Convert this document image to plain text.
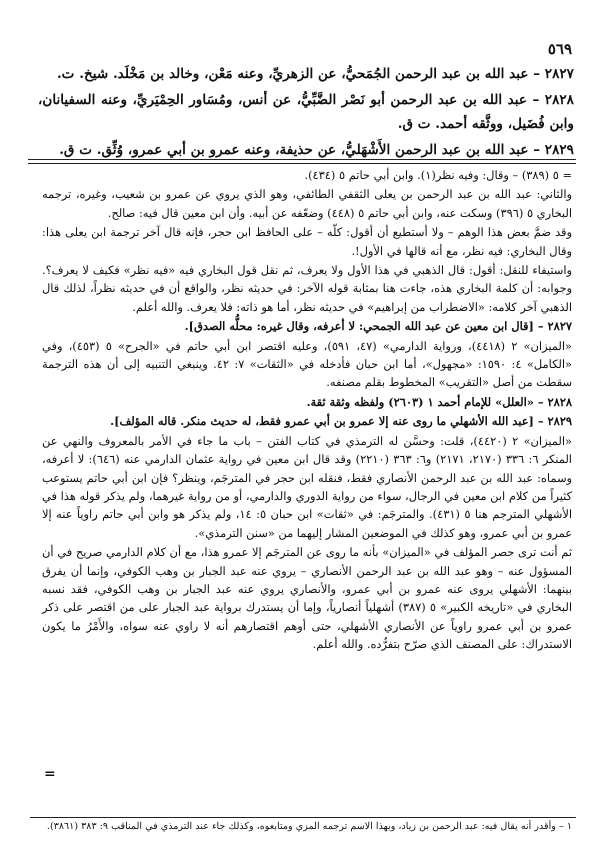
٥٦٩

٢٨٢٧ – عبد الله بن عبد الرحمن الجُمَحيُّ، عن الزهريِّ، وعنه مَعْن، وخالد بن مَخْلَد. شيخ. ت.

٢٨٢٨ – عبد الله بن عبد الرحمن أبو نَصْر الضَّبِّيُّ، عن أنس، ومُسَاور الحِمْيَريِّ، وعنه السفيانان، وابن فُضَيل، ووثَّقه أحمد. ت ق.

٢٨٢٩ – عبد الله بن عبد الرحمن الأَشْهَليُّ، عن حذيفة، وعنه عمرو بن أبي عمرو، وُثِّق. ت ق.

= ٥ (٣٨٩) – وقال: وفيه نظر(١). وابن أبي حاتم ٥ (٤٣٤).

والثاني: عبد الله بن عبد الرحمن بن يعلى الثقفي الطائفي، وهو الذي يروي عن عمرو بن شعيب، وغيره، ترجمه البخاري ٥ (٣٩٦) وسكت عنه، وابن أبي حاتم ٥ (٤٤٨) وضعّفه عن أبيه. وأن ابن معين قال فيه: صالح.

وقد ضمَّ بعض هذا الوهم – ولا أستطيع أن أقول: كلّه – على الحافظ ابن حجر، فإنه قال آخر ترجمة ابن يعلى هذا: وقال البخاري: فيه نظر، مع أنه قالها في الأول!.

واستيفاء للنقل: أقول: قال الذهبي في هذا الأول ولا يعرف، ثم نقل قول البخاري فيه «فيه نظر» فكيف لا يعرف؟. وجوابه: أن كلمة البخاري هذه، جاءت هنا بمثابة قوله الآخر: في حديثه نظر، والواقع أن في حديثه نظراً، لذلك قال الذهبي آخر كلامه: «الاضطراب من إبراهيم» في حديثه نظر، أما هو ذاته: فلا يعرف. والله أعلم.

٢٨٢٧ – [قال ابن معين عن عبد الله الجمحي: لا أعرفه، وقال غيره: محلُّه الصدق].

«الميزان» ٢ (٤٤١٨)، ورواية الدارمي» (٤٧، ٥٩١)، وعليه اقتصر ابن أبي حاتم في «الجرح» ٥ (٤٥٣)، وفي «الكامل» ٤: ١٥٩٠: «مجهول»، أما ابن حبان فأدخله في «الثقات» ٧: ٤٢. وينبغي التنبيه إلى أن هذه الترجمة سقطت من أصل «التقريب» المخطوط بقلم مصنفه.

٢٨٢٨ – «العلل» للإمام أحمد ١ (٢٦٠٣) ولفظه وثقة ثقة.

٢٨٢٩ – [عبد الله الأشهلي ما روى عنه إلا عمرو بن أبي عمرو فقط، له حديث منكر. قاله المؤلف].

«الميزان» ٢ (٤٤٢٠)، قلت: وحسَّن له الترمذي في كتاب الفتن – باب ما جاء في الأمر بالمعروف والنهي عن المنكر ٦: ٣٣٦ (٢١٧٠، ٢١٧١) و٦: ٣٦٣ (٢٢١٠) وقد قال ابن معين في رواية عثمان الدارمي عنه (٦٤٦): لا أعرفه، وسماه: عبد الله بن عبد الرحمن الأنصاري فقط، فنقله ابن حجر في المترجَم، وينظر؟ فإن ابن أبي حاتم يستوعب كثيراً من كلام ابن معين في الرجال، سواء من رواية الدوري والدارمي، أو من رواية غيرهما، ولم يذكر قوله هذا في الأشهلي المترجم هنا ٥ (٤٣١). والمترجَم: في «ثقات» ابن حبان ٥: ١٤، ولم يذكر هو وابن أبي حاتم راوياً عنه إلا عمرو بن أبي عمرو، وهو كذلك في الموضعين المشار إليهما من «سنن الترمذي».

ثم أنت ترى حصر المؤلف في «الميزان» بأنه ما روى عن المترجَم إلا عمرو هذا، مع أن كلام الدارمي صريح في أن المسؤول عنه – وهو عبد الله بن عبد الرحمن الأنصاري – يروي عنه عبد الجبار بن وهب الكوفي، وإنما أن يفرق بينهما: الأشهلي يروى عنه عمرو بن أبي عمرو، والأنصاري يروي عنه عبد الجبار بن وهب الكوفي، فقد نسبه البخاري في «تاريخه الكبير» ٥ (٣٨٧) أشهلياً أنصارياً، وإما أن يستدرك برواية عبد الجبار على من اقتصر على ذكر عمرو بن أبي عمرو راوياً عن الأنصاري الأشهلي، حتى أوهم اقتصارهم أنه لا راوي عنه سواه، والأَمْرُ ما يكون الاستدراك: على المصنف الذي صرّح بتفرُّده. والله أعلم.

=
١ – وأقدر أنه يقال فيه: عبد الرحمن بن زياد، وبهذا الاسم ترجمه المزي ومتابعوه، وكذلك جاء عند الترمذي في المناقب ٩: ٣٨٣ (٣٨٦١).
